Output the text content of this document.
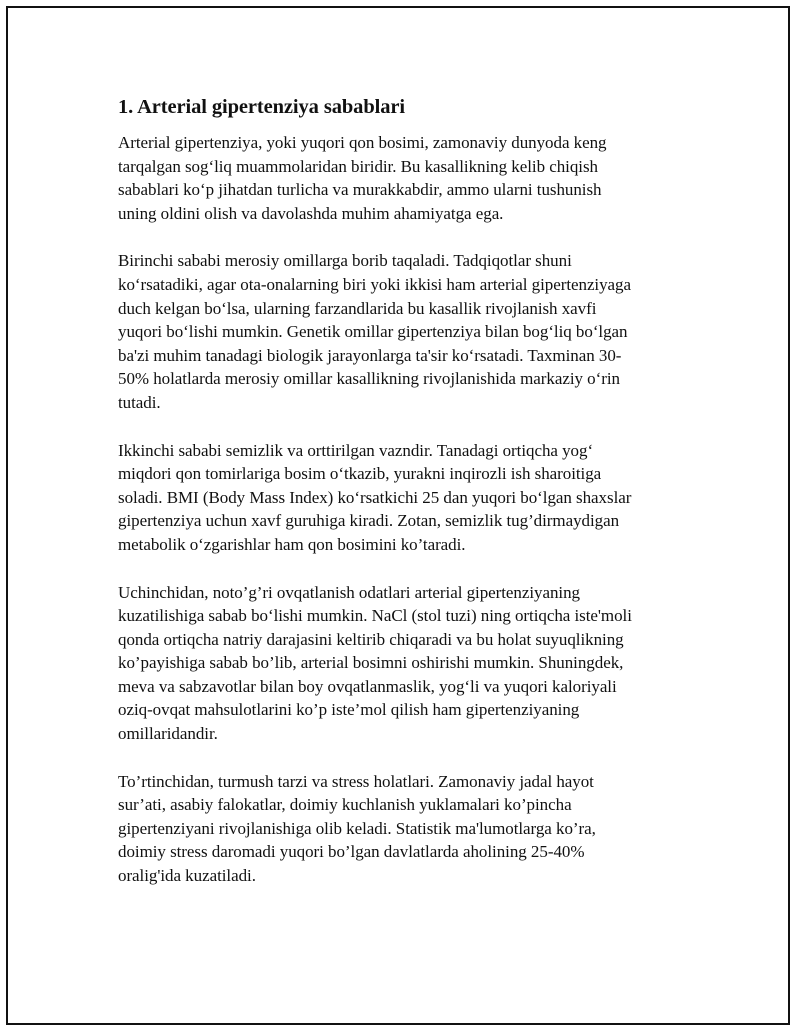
1. Arterial gipertenziya sabablari

Arterial gipertenziya, yoki yuqori qon bosimi, zamonaviy dunyoda keng
tarqalgan sog‘liq muammolaridan biridir. Bu kasallikning kelib chiqish
sabablari ko‘p jihatdan turlicha va murakkabdir, ammo ularni tushunish
uning oldini olish va davolashda muhim ahamiyatga ega.

Birinchi sababi merosiy omillarga borib taqaladi. Tadqiqotlar shuni
ko‘rsatadiki, agar ota-onalarning biri yoki ikkisi ham arterial gipertenziyaga
duch kelgan bo‘lsa, ularning farzandlarida bu kasallik rivojlanish xavfi
yuqori bo‘lishi mumkin. Genetik omillar gipertenziya bilan bog‘liq bo‘lgan
ba'zi muhim tanadagi biologik jarayonlarga ta'sir ko‘rsatadi. Taxminan 30-
50% holatlarda merosiy omillar kasallikning rivojlanishida markaziy o‘rin
tutadi.

Ikkinchi sababi semizlik va orttirilgan vazndir. Tanadagi ortiqcha yog‘
miqdori qon tomirlariga bosim o‘tkazib, yurakni inqirozli ish sharoitiga
soladi. BMI (Body Mass Index) ko‘rsatkichi 25 dan yuqori bo‘lgan shaxslar
gipertenziya uchun xavf guruhiga kiradi. Zotan, semizlik tug’dirmaydigan
metabolik o‘zgarishlar ham qon bosimini ko’taradi.

Uchinchidan, noto’g’ri ovqatlanish odatlari arterial gipertenziyaning
kuzatilishiga sabab bo‘lishi mumkin. NaCl (stol tuzi) ning ortiqcha iste'moli
qonda ortiqcha natriy darajasini keltirib chiqaradi va bu holat suyuqlikning
ko’payishiga sabab bo’lib, arterial bosimni oshirishi mumkin. Shuningdek,
meva va sabzavotlar bilan boy ovqatlanmaslik, yog‘li va yuqori kaloriyali
oziq-ovqat mahsulotlarini ko’p iste’mol qilish ham gipertenziyaning
omillaridandir.

To’rtinchidan, turmush tarzi va stress holatlari. Zamonaviy jadal hayot
sur’ati, asabiy falokatlar, doimiy kuchlanish yuklamalari ko’pincha
gipertenziyani rivojlanishiga olib keladi. Statistik ma'lumotlarga ko’ra,
doimiy stress daromadi yuqori bo’lgan davlatlarda aholining 25-40%
oralig'ida kuzatiladi.
